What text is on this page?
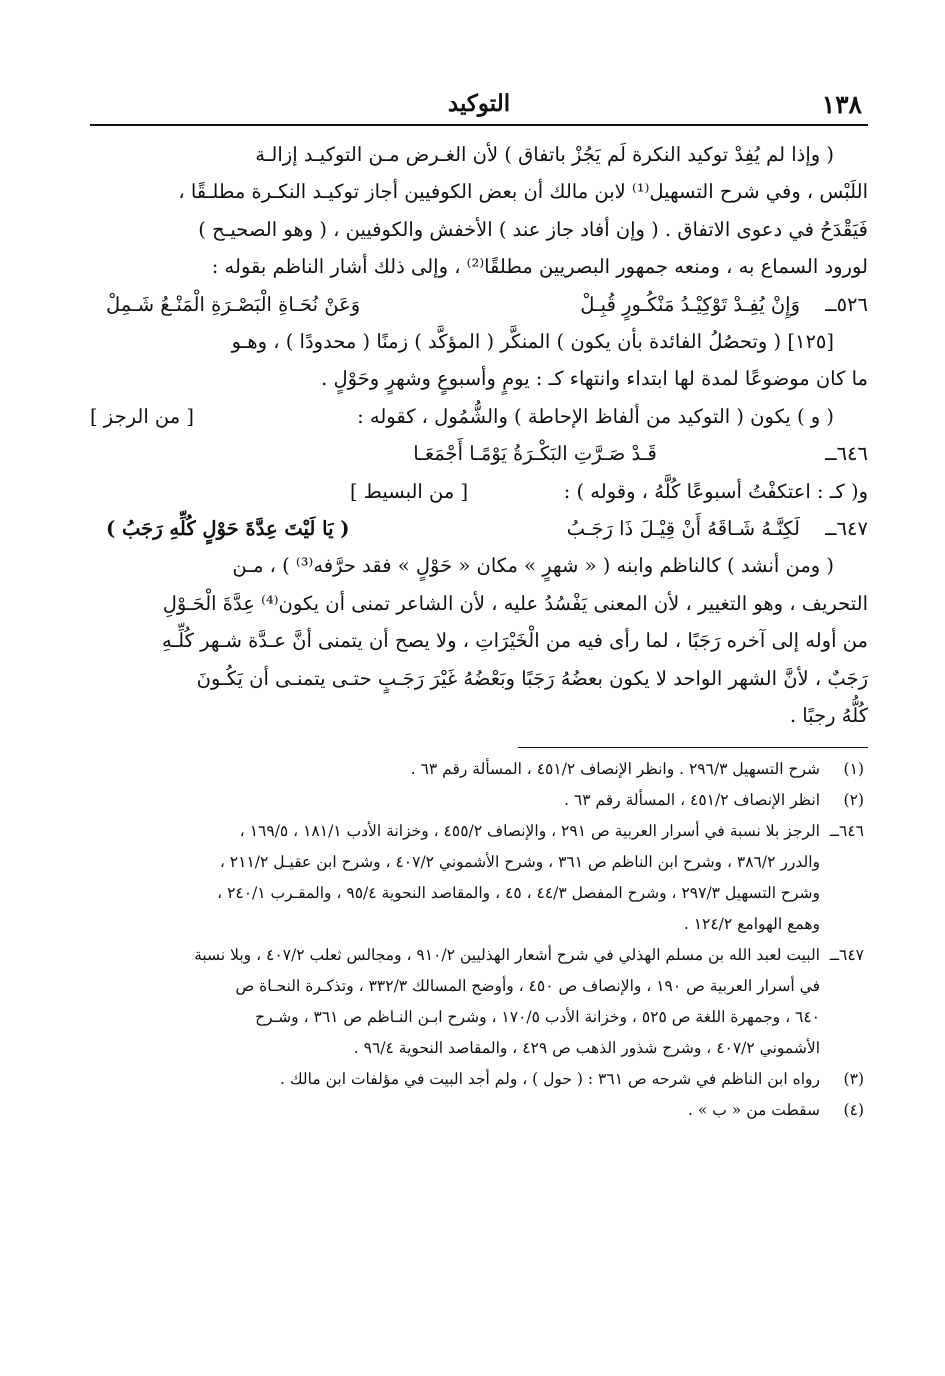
١٣٨
التوكيد

( وإذا لم يُفِدْ توكيد النكرة لَم يَجُزْ باتفاق ) لأن الغـرض مـن التوكيـد إزالـة

اللَبْس ، وفي شرح التسهيل⁽¹⁾ لابن مالك أن بعض الكوفيين أجاز توكيـد النكـرة مطلـقًا ،

فَيَقْدَحُ في دعوى الاتفاق . ( وإن أفاد جاز عند ) الأخفش والكوفيين ، ( وهو الصحيـح )

لورود السماع به ، ومنعه جمهور البصريين مطلقًا⁽²⁾ ، وإلى ذلك أشار الناظم بقوله :

٥٢٦ــ
وَإِنْ يُفِـدْ تَوْكِيْـدُ مَنْكُـورٍ قُبِـلْ
وَعَنْ نُحَـاةِ الْبَصْـرَةِ الْمَنْـعُ شَـمِلْ

[١٢٥] ( وتحصُلُ الفائدة بأن يكون ) المنكَّر ( المؤكَّد ) زمنًا ( محدودًا ) ، وهـو

ما كان موضوعًا لمدة لها ابتداء وانتهاء كـ : يومٍ وأسبوعٍ وشهرٍ وحَوْلٍ .

( و ) يكون ( التوكيد من ألفاظ الإحاطة ) والشُّمُول ، كقوله :
[ من الرجز ]
٦٤٦ــ
قَـدْ صَـرَّتِ البَكْـرَةُ يَوْمًـا أَجْمَعَـا
و( كـ : اعتكفْتُ أسبوعًا كُلَّهُ ، وقوله ) :
[ من البسيط ]
٦٤٧ــ
لَكِنَّـهُ شَـاقَهُ أَنْ قِيْـلَ ذَا رَجَـبُ
( يَا لَيْتَ عِدَّةَ حَوْلٍ كُلِّهِ رَجَبُ )

( ومن أنشد ) كالناظم وابنه ( « شهرٍ » مكان « حَوْلٍ » فقد حرَّفه⁽³⁾ ) ، مـن

التحريف ، وهو التغيير ، لأن المعنى يَفْسُدُ عليه ، لأن الشاعر تمنى أن يكون⁽⁴⁾ عِدَّةَ الْحَـوْلِ

من أوله إلى آخره رَجَبًا ، لما رأى فيه من الْخَيْرَاتِ ، ولا يصح أن يتمنى أنَّ عـدَّة شـهر كُلِّـهِ

رَجَبٌ ، لأنَّ الشهر الواحد لا يكون بعضُهُ رَجَبًا وبَعْضُهُ غَيْرَ رَجَـبٍ حتـى يتمنـى أن يَكُـونَ

كُلُّهُ رجبًا .

(١)
شرح التسهيل ٢٩٦/٣ . وانظر الإنصاف ٤٥١/٢ ، المسألة رقم ٦٣ .
(٢)
انظر الإنصاف ٤٥١/٢ ، المسألة رقم ٦٣ .
٦٤٦ــ
الرجز بلا نسبة في أسرار العربية ص ٢٩١ ، والإنصاف ٤٥٥/٢ ، وخزانة الأدب ١٨١/١ ، ١٦٩/٥ ،
والدرر ٣٨٦/٢ ، وشرح ابن الناظم ص ٣٦١ ، وشرح الأشموني ٤٠٧/٢ ، وشرح ابن عقيـل ٢١١/٢ ،
وشرح التسهيل ٢٩٧/٣ ، وشرح المفصل ٤٤/٣ ، ٤٥ ، والمقاصد النحوية ٩٥/٤ ، والمقـرب ٢٤٠/١ ،
وهمع الهوامع ١٢٤/٢ .
٦٤٧ــ
البيت لعبد الله بن مسلم الهذلي في شرح أشعار الهذليين ٩١٠/٢ ، ومجالس ثعلب ٤٠٧/٢ ، وبلا نسبة
في أسرار العربية ص ١٩٠ ، والإنصاف ص ٤٥٠ ، وأوضح المسالك ٣٣٢/٣ ، وتذكـرة النحـاة ص
٦٤٠ ، وجمهرة اللغة ص ٥٢٥ ، وخزانة الأدب ١٧٠/٥ ، وشرح ابـن النـاظم ص ٣٦١ ، وشـرح
الأشموني ٤٠٧/٢ ، وشرح شذور الذهب ص ٤٢٩ ، والمقاصد النحوية ٩٦/٤ .
(٣)
رواه ابن الناظم في شرحه ص ٣٦١ : ( حول ) ، ولم أجد البيت في مؤلفات ابن مالك .
(٤)
سقطت من « ب » .
